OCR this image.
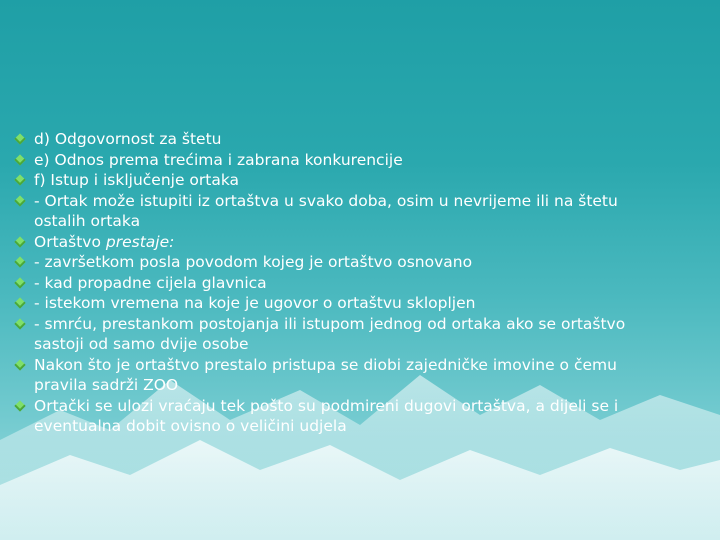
d) Odgovornost za štetu
e) Odnos prema trećima i zabrana konkurencije
f) Istup i isključenje ortaka
- Ortak može istupiti iz ortaštva u svako doba, osim u nevrijeme ili na štetu ostalih ortaka
Ortaštvo prestaje:
- završetkom posla povodom kojeg je ortaštvo osnovano
- kad propadne cijela glavnica
- istekom vremena na koje je ugovor o ortaštvu sklopljen
- smrću, prestankom postojanja ili istupom jednog od ortaka ako se ortaštvo sastoji od samo dvije osobe
Nakon što je ortaštvo prestalo pristupa se diobi zajedničke imovine o čemu pravila sadrži ZOO
Ortački se ulozi vraćaju tek pošto su podmireni dugovi ortaštva, a dijeli se i eventualna dobit ovisno o veličini udjela
